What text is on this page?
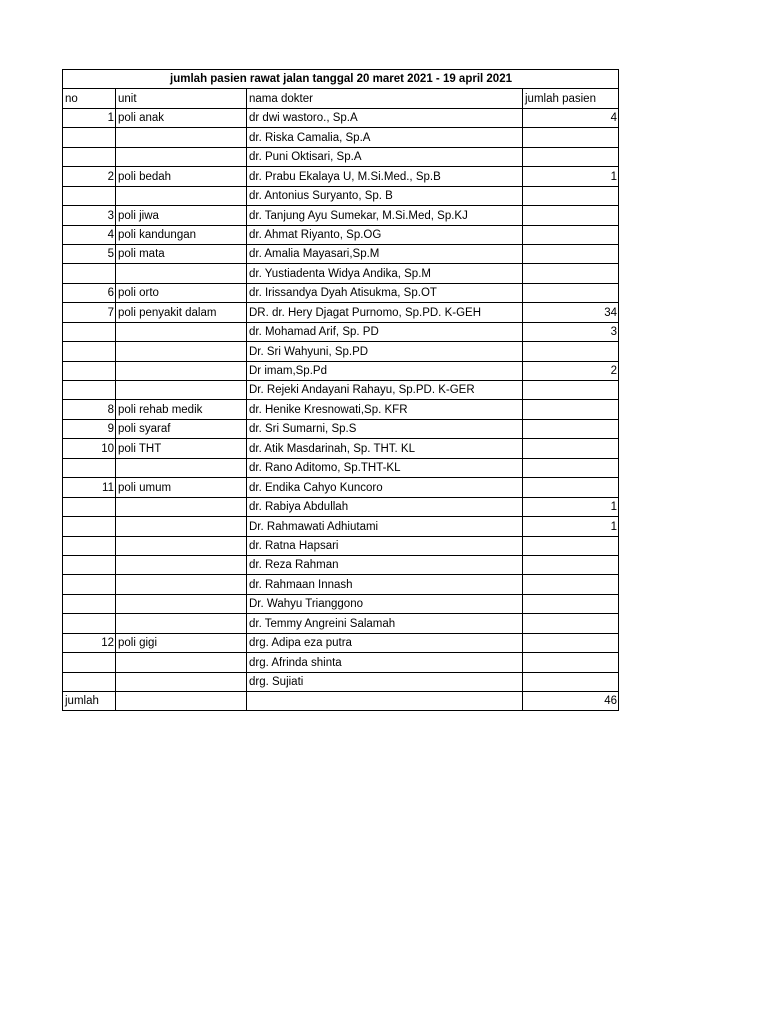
jumlah pasien rawat jalan tanggal 20 maret 2021 - 19 april 2021			
no	unit	nama dokter	jumlah pasien
1	poli anak	dr dwi wastoro., Sp.A	4
		dr. Riska Camalia, Sp.A	
		dr. Puni Oktisari, Sp.A	
2	poli bedah	dr. Prabu Ekalaya U, M.Si.Med., Sp.B	1
		dr. Antonius Suryanto, Sp. B	
3	poli jiwa	dr. Tanjung Ayu Sumekar, M.Si.Med, Sp.KJ	
4	poli kandungan	dr. Ahmat Riyanto, Sp.OG	
5	poli mata	dr. Amalia Mayasari,Sp.M	
		dr. Yustiadenta Widya Andika, Sp.M	
6	poli orto	dr. Irissandya Dyah Atisukma, Sp.OT	
7	poli penyakit dalam	DR. dr. Hery Djagat Purnomo, Sp.PD. K-GEH	34
		dr. Mohamad Arif, Sp. PD	3
		Dr. Sri Wahyuni, Sp.PD	
		Dr imam,Sp.Pd	2
		Dr. Rejeki Andayani Rahayu, Sp.PD. K-GER	
8	poli rehab medik	dr. Henike Kresnowati,Sp. KFR	
9	poli syaraf	dr. Sri Sumarni, Sp.S	
10	poli THT	dr. Atik Masdarinah, Sp. THT. KL	
		dr. Rano Aditomo, Sp.THT-KL	
11	poli umum	dr. Endika Cahyo Kuncoro	
		dr. Rabiya Abdullah	1
		Dr. Rahmawati Adhiutami	1
		dr. Ratna Hapsari	
		dr. Reza Rahman	
		dr. Rahmaan Innash	
		Dr. Wahyu Trianggono	
		dr. Temmy Angreini Salamah	
12	poli gigi	drg. Adipa eza putra	
		drg. Afrinda shinta	
		drg. Sujiati	
jumlah			46
